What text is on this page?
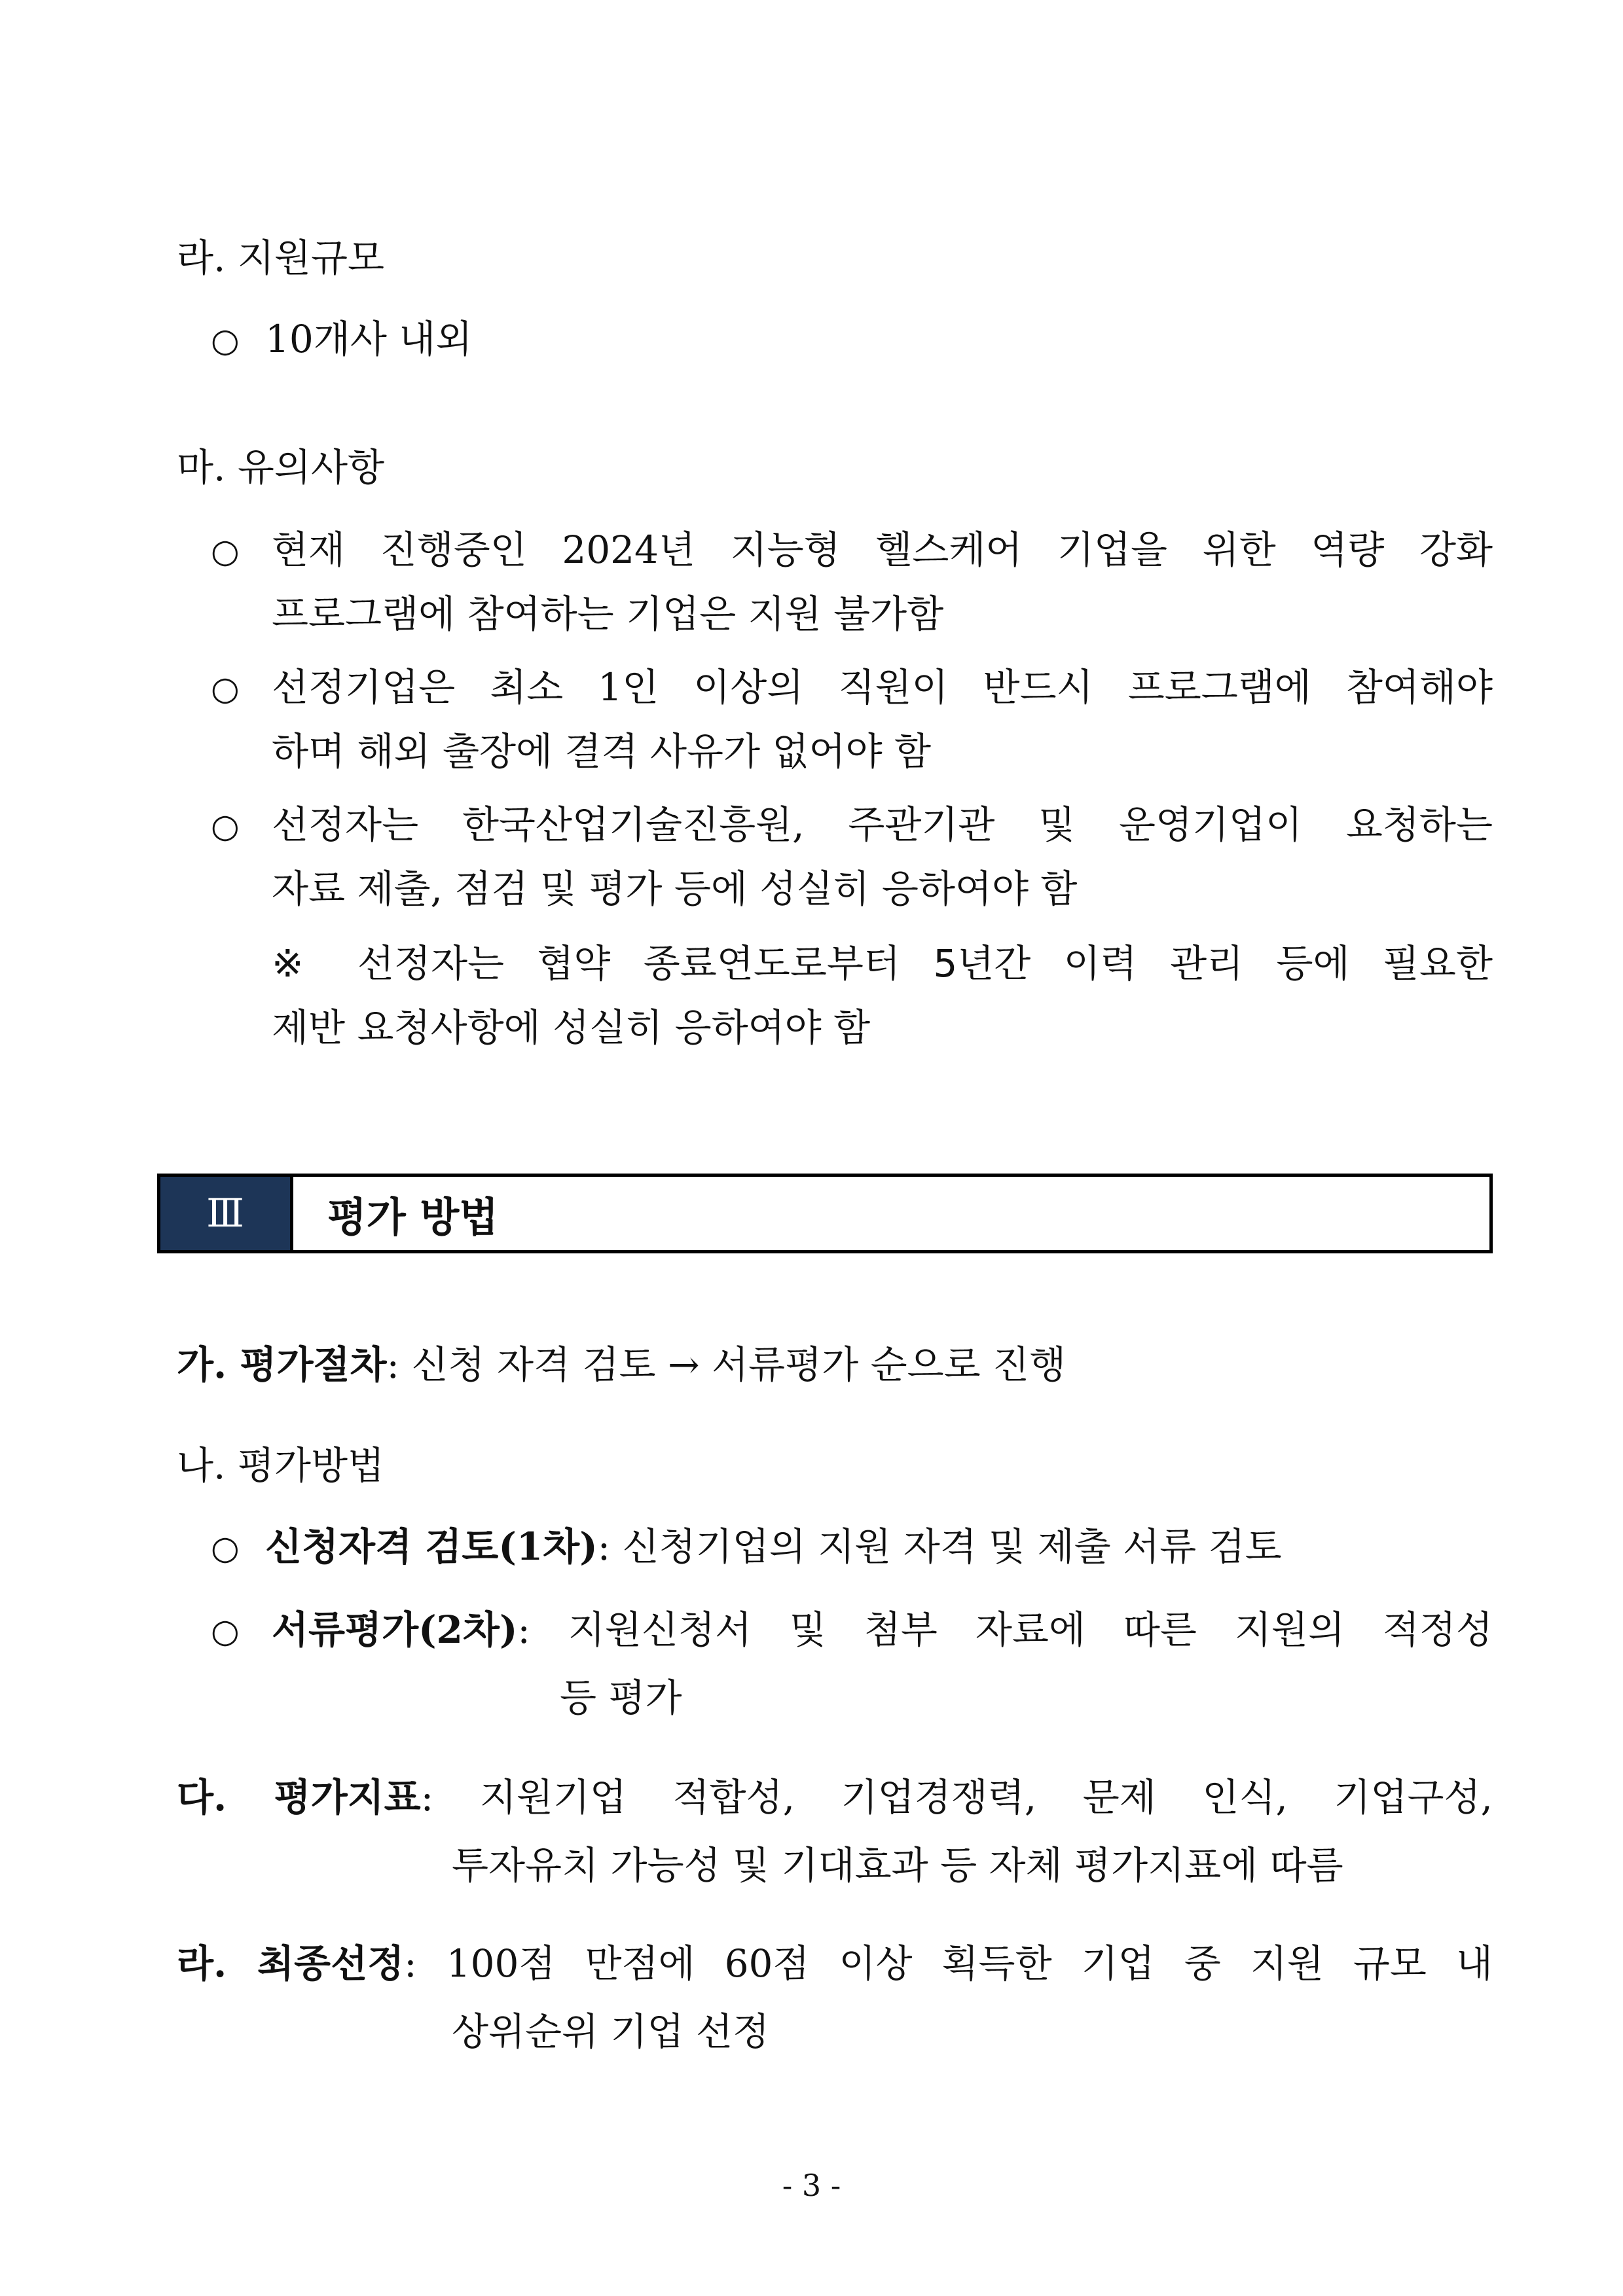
라. 지원규모
○ 10개사 내외
마. 유의사항
○ 현재 진행중인 2024년 지능형 헬스케어 기업을 위한 역량 강화
프로그램에 참여하는 기업은 지원 불가함
○ 선정기업은 최소 1인 이상의 직원이 반드시 프로그램에 참여해야
하며 해외 출장에 결격 사유가 없어야 함
○ 선정자는 한국산업기술진흥원, 주관기관 및 운영기업이 요청하는
자료 제출, 점검 및 평가 등에 성실히 응하여야 함
※ 선정자는 협약 종료연도로부터 5년간 이력 관리 등에 필요한
제반 요청사항에 성실히 응하여야 함
Ⅲ	평가 방법
가. 평가절차: 신청 자격 검토 → 서류평가 순으로 진행
나. 평가방법
○ 신청자격 검토(1차): 신청기업의 지원 자격 및 제출 서류 검토
○ 서류평가(2차): 지원신청서 및 첨부 자료에 따른 지원의 적정성
등 평가
다. 평가지표: 지원기업 적합성, 기업경쟁력, 문제 인식, 기업구성,
투자유치 가능성 및 기대효과 등 자체 평가지표에 따름
라. 최종선정: 100점 만점에 60점 이상 획득한 기업 중 지원 규모 내
상위순위 기업 선정
- 3 -
